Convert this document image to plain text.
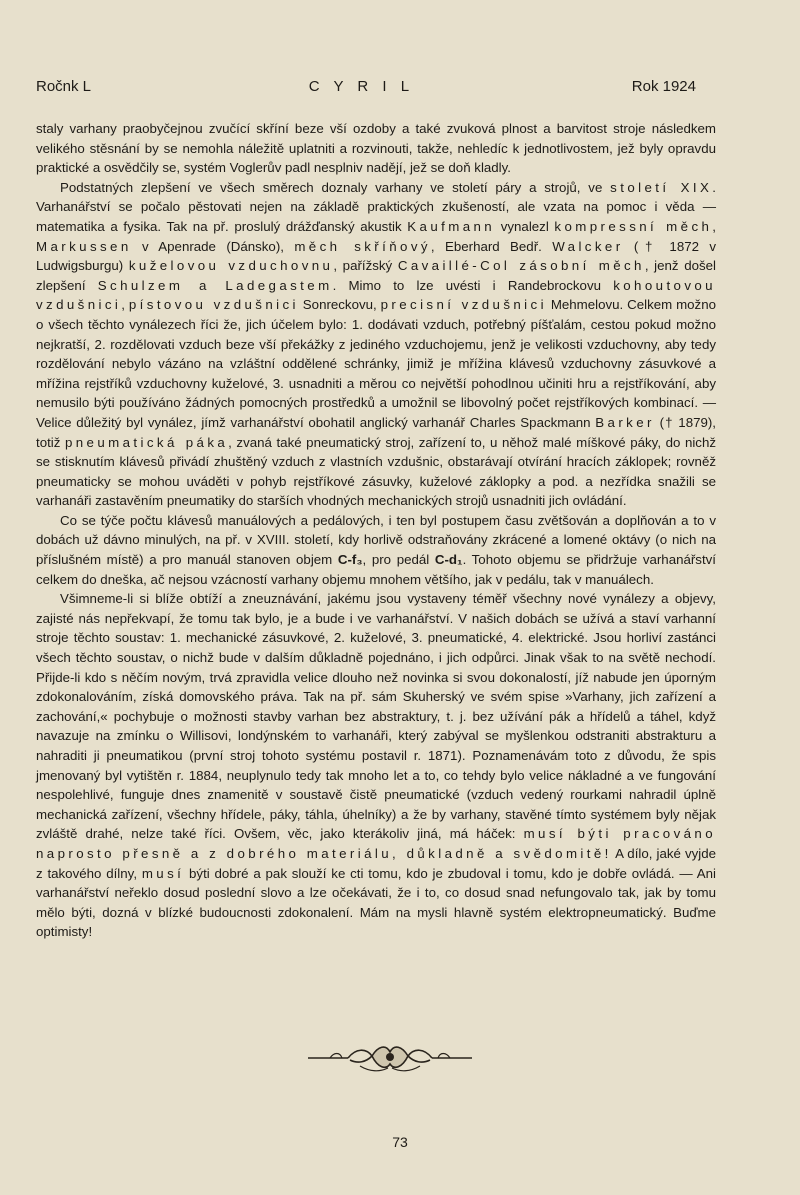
Ročnk L	C Y R I L	Rok 1924

staly varhany praobyčejnou zvučící skříní beze vší ozdoby a také zvuková plnost a barvitost stroje následkem velikého stěsnání by se nemohla náležitě uplatniti a rozvinouti, takže, nehledíc k jednotlivostem, jež byly opravdu praktické a osvědčily se, systém Voglerův padl nesplniv nadějí, jež se doň kladly.

Podstatných zlepšení ve všech směrech doznaly varhany ve století páry a strojů, ve století XIX. Varhanářství se počalo pěstovati nejen na základě praktických zkušeností, ale vzata na pomoc i věda — matematika a fysika. Tak na př. proslulý drážďanský akustik Kaufmann vynalezl kompressní měch, Markussen v Apenrade (Dánsko), měch skříňový, Eberhard Bedř. Walcker († 1872 v Ludwigsburgu) kuželovou vzduchovnu, pařížský Cavaillé-Col zásobní měch, jenž došel zlepšení Schulzem a Ladegastem. Mimo to lze uvésti i Randebrockovu kohoutovou vzdušnici, pístovou vzdušnici Sonreckovu, precisní vzdušnici Mehmelovu. Celkem možno o všech těchto vynálezech říci že, jich účelem bylo: 1. dodávati vzduch, potřebný píšťalám, cestou pokud možno nejkratší, 2. rozdělovati vzduch beze vší překážky z jediného vzduchojemu, jenž je velikosti vzduchovny, aby tedy rozdělování nebylo vázáno na vzláštní oddělené schránky, jimiž je mřížina klávesů vzduchovny zásuvkové a mřížina rejstříků vzduchovny kuželové, 3. usnadniti a měrou co největší pohodlnou učiniti hru a rejstříkování, aby nemusilo býti používáno žádných pomocných prostředků a umožnil se libovolný počet rejstříkových kombinací. — Velice důležitý byl vynález, jímž varhanářství obohatil anglický varhanář Charles Spackmann Barker († 1879), totiž pneumatická páka, zvaná také pneumatický stroj, zařízení to, u něhož malé míškové páky, do nichž se stisknutím klávesů přivádí zhuštěný vzduch z vlastních vzdušnic, obstarávají otvírání hracích záklopek; rovněž pneumaticky se mohou uváděti v pohyb rejstříkové zásuvky, kuželové záklopky a pod. a nezřídka snažili se varhanáři zastavěním pneumatiky do starších vhodných mechanických strojů usnadniti jich ovládání.

Co se týče počtu klávesů manuálových a pedálových, i ten byl postupem času zvětšován a doplňován a to v dobách už dávno minulých, na př. v XVIII. století, kdy horlivě odstraňovány zkrácené a lomené oktávy (o nich na příslušném místě) a pro manuál stanoven objem C-f₃, pro pedál C-d₁. Tohoto objemu se přidržuje varhanářství celkem do dneška, ač nejsou vzácností varhany objemu mnohem většího, jak v pedálu, tak v manuálech.

Všimneme-li si blíže obtíží a zneuznávání, jakému jsou vystaveny téměř všechny nové vynálezy a objevy, zajisté nás nepřekvapí, že tomu tak bylo, je a bude i ve varhanářství. V našich dobách se užívá a staví varhanní stroje těchto soustav: 1. mechanické zásuvkové, 2. kuželové, 3. pneumatické, 4. elektrické. Jsou horliví zastánci všech těchto soustav, o nichž bude v dalším důkladně pojednáno, i jich odpůrci. Jinak však to na světě nechodí. Přijde-li kdo s něčím novým, trvá zpravidla velice dlouho než novinka si svou dokonalostí, jíž nabude jen úporným zdokonalováním, získá domovského práva. Tak na př. sám Skuherský ve svém spise »Varhany, jich zařízení a zachování,« pochybuje o možnosti stavby varhan bez abstraktury, t. j. bez užívání pák a hřídelů a táhel, když navazuje na zmínku o Willisovi, londýnském to varhanáři, který zabýval se myšlenkou odstraniti abstrakturu a nahraditi ji pneumatikou (první stroj tohoto systému postavil r. 1871). Poznamenávám toto z důvodu, že spis jmenovaný byl vytištěn r. 1884, neuplynulo tedy tak mnoho let a to, co tehdy bylo velice nákladné a ve fungování nespolehlivé, funguje dnes znamenitě v soustavě čistě pneumatické (vzduch vedený rourkami nahradil úplně mechanická zařízení, všechny hřídele, páky, táhla, úhelníky) a že by varhany, stavěné tímto systémem byly nějak zvláště drahé, nelze také říci. Ovšem, věc, jako kterákoliv jiná, má háček: musí býti pracováno naprosto přesně a z dobrého materiálu, důkladně a svědomitě! A dílo, jaké vyjde z takového dílny, musí býti dobré a pak slouží ke cti tomu, kdo je zbudoval i tomu, kdo je dobře ovládá. — Ani varhanářství neřeklo dosud poslední slovo a lze očekávati, že i to, co dosud snad nefungovalo tak, jak by tomu mělo býti, dozná v blízké budoucnosti zdokonalení. Mám na mysli hlavně systém elektropneumatický. Buďme optimisty!

73
